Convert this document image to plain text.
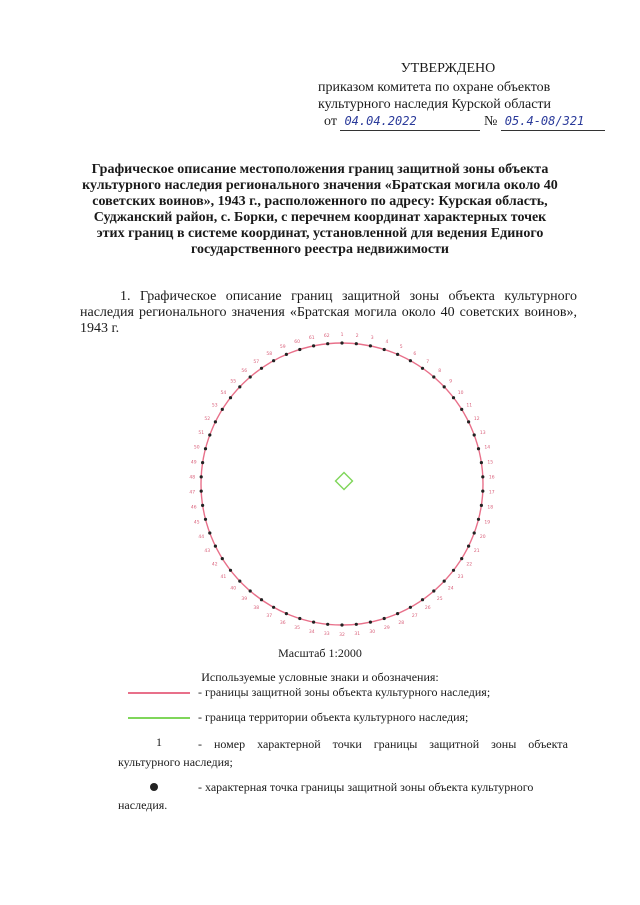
УТВЕРЖДЕНО
приказом комитета по охране объектов
культурного наследия Курской области
от 04.04.2022	№ 05.4-08/321
Графическое описание местоположения границ защитной зоны объекта культурного наследия регионального значения «Братская могила около 40 советских воинов», 1943 г., расположенного по адресу: Курская область, Суджанский район, с. Борки, с перечнем координат характерных точек этих границ в системе координат, установленной для ведения Единого государственного реестра недвижимости
1. Графическое описание границ защитной зоны объекта культурного наследия регионального значения «Братская могила около 40 советских воинов», 1943 г.	1	2	3
4
5
6
7
8
9
10
11
12
13
14
15
16
17
18
19
20
21
22
23
24
25
26
27
28
29
30
31
32
33
34
35
36
37
38
39
40
41
42
43
44
45
46
47
48
49
50
51
52
53
54
55
56
57
58
59
60
61 62
Масштаб 1:2000
Используемые условные знаки и обозначения:
- границы защитной зоны объекта культурного наследия;
- граница территории объекта культурного наследия;
1	- номер характерной точки границы защитной зоны объекта культурного наследия;
- характерная точка границы защитной зоны объекта культурного наследия.
